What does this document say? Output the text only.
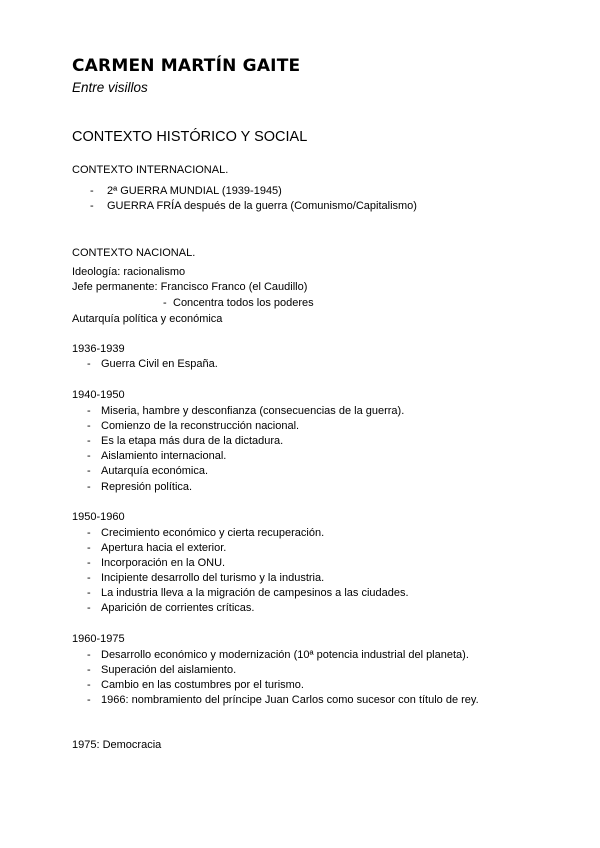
CARMEN MARTÍN GAITE
Entre visillos
CONTEXTO HISTÓRICO Y SOCIAL
CONTEXTO INTERNACIONAL.
- 2ª GUERRA MUNDIAL (1939-1945)
- GUERRA FRÍA después de la guerra (Comunismo/Capitalismo)
CONTEXTO NACIONAL.
Ideología: racionalismo
Jefe permanente: Francisco Franco (el Caudillo)
- Concentra todos los poderes
Autarquía política y económica
1936-1939
- Guerra Civil en España.
1940-1950
- Miseria, hambre y desconfianza (consecuencias de la guerra).
- Comienzo de la reconstrucción nacional.
- Es la etapa más dura de la dictadura.
- Aislamiento internacional.
- Autarquía económica.
- Represión política.
1950-1960
- Crecimiento económico y cierta recuperación.
- Apertura hacia el exterior.
- Incorporación en la ONU.
- Incipiente desarrollo del turismo y la industria.
- La industria lleva a la migración de campesinos a las ciudades.
- Aparición de corrientes críticas.
1960-1975
- Desarrollo económico y modernización (10ª potencia industrial del planeta).
- Superación del aislamiento.
- Cambio en las costumbres por el turismo.
- 1966: nombramiento del príncipe Juan Carlos como sucesor con título de rey.
1975: Democracia
